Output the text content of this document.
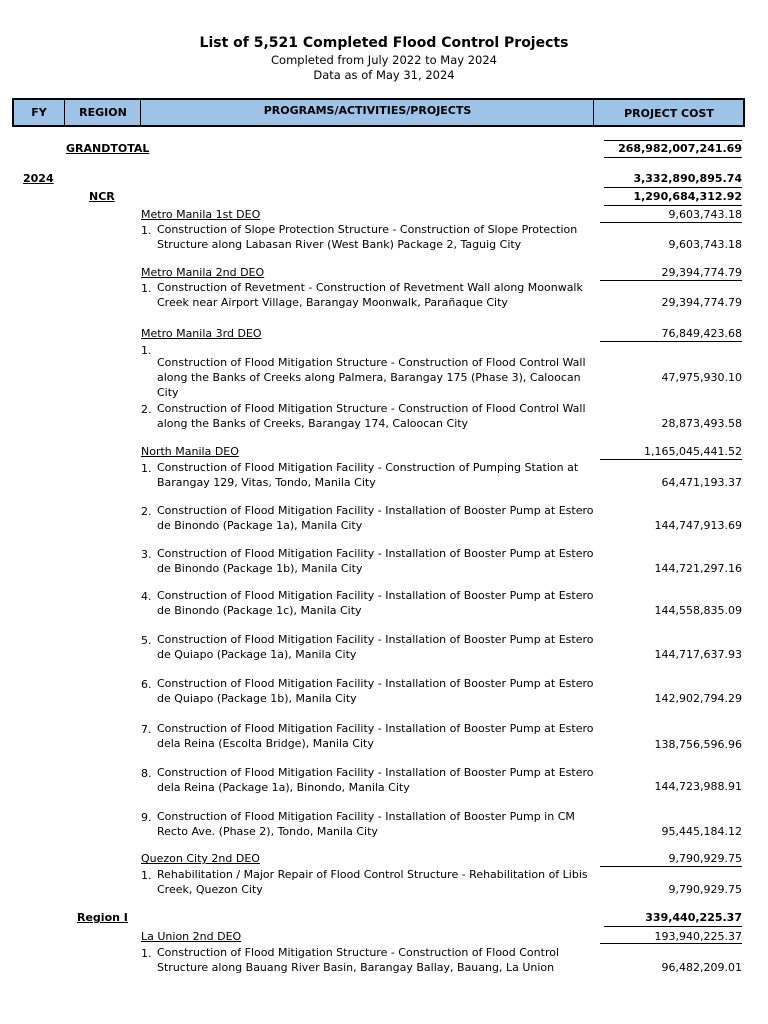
List of 5,521 Completed Flood Control Projects
Completed from July 2022 to May 2024
Data as of May 31, 2024
FY	REGION	PROGRAMS/ACTIVITIES/PROJECTS	PROJECT COST
GRANDTOTAL	268,982,007,241.69
2024	3,332,890,895.74
NCR	1,290,684,312.92
Metro Manila 1st DEO	9,603,743.18
1. Construction of Slope Protection Structure - Construction of Slope Protection
Structure along Labasan River (West Bank) Package 2, Taguig City	9,603,743.18
Metro Manila 2nd DEO	29,394,774.79
1. Construction of Revetment - Construction of Revetment Wall along Moonwalk
Creek near Airport Village, Barangay Moonwalk, Parañaque City	29,394,774.79
Metro Manila 3rd DEO	76,849,423.68
1.
Construction of Flood Mitigation Structure - Construction of Flood Control Wall
along the Banks of Creeks along Palmera, Barangay 175 (Phase 3), Caloocan City
47,975,930.10
2. Construction of Flood Mitigation Structure - Construction of Flood Control Wall
along the Banks of Creeks, Barangay 174, Caloocan City	28,873,493.58
North Manila DEO	1,165,045,441.52
1. Construction of Flood Mitigation Facility - Construction of Pumping Station at
Barangay 129, Vitas, Tondo, Manila City	64,471,193.37
2. Construction of Flood Mitigation Facility - Installation of Booster Pump at Estero
de Binondo (Package 1a), Manila City	144,747,913.69
3. Construction of Flood Mitigation Facility - Installation of Booster Pump at Estero
de Binondo (Package 1b), Manila City	144,721,297.16
4. Construction of Flood Mitigation Facility - Installation of Booster Pump at Estero
de Binondo (Package 1c), Manila City	144,558,835.09
5. Construction of Flood Mitigation Facility - Installation of Booster Pump at Estero
de Quiapo (Package 1a), Manila City	144,717,637.93
6. Construction of Flood Mitigation Facility - Installation of Booster Pump at Estero
de Quiapo (Package 1b), Manila City	142,902,794.29
7. Construction of Flood Mitigation Facility - Installation of Booster Pump at Estero
dela Reina (Escolta Bridge), Manila City	138,756,596.96
8. Construction of Flood Mitigation Facility - Installation of Booster Pump at Estero
dela Reina (Package 1a), Binondo, Manila City	144,723,988.91
9. Construction of Flood Mitigation Facility - Installation of Booster Pump in CM
Recto Ave. (Phase 2), Tondo, Manila City	95,445,184.12
Quezon City 2nd DEO	9,790,929.75
1. Rehabilitation / Major Repair of Flood Control Structure - Rehabilitation of Libis
Creek, Quezon City	9,790,929.75
Region I	339,440,225.37
La Union 2nd DEO	193,940,225.37
1. Construction of Flood Mitigation Structure - Construction of Flood Control
Structure along Bauang River Basin, Barangay Ballay, Bauang, La Union	96,482,209.01
